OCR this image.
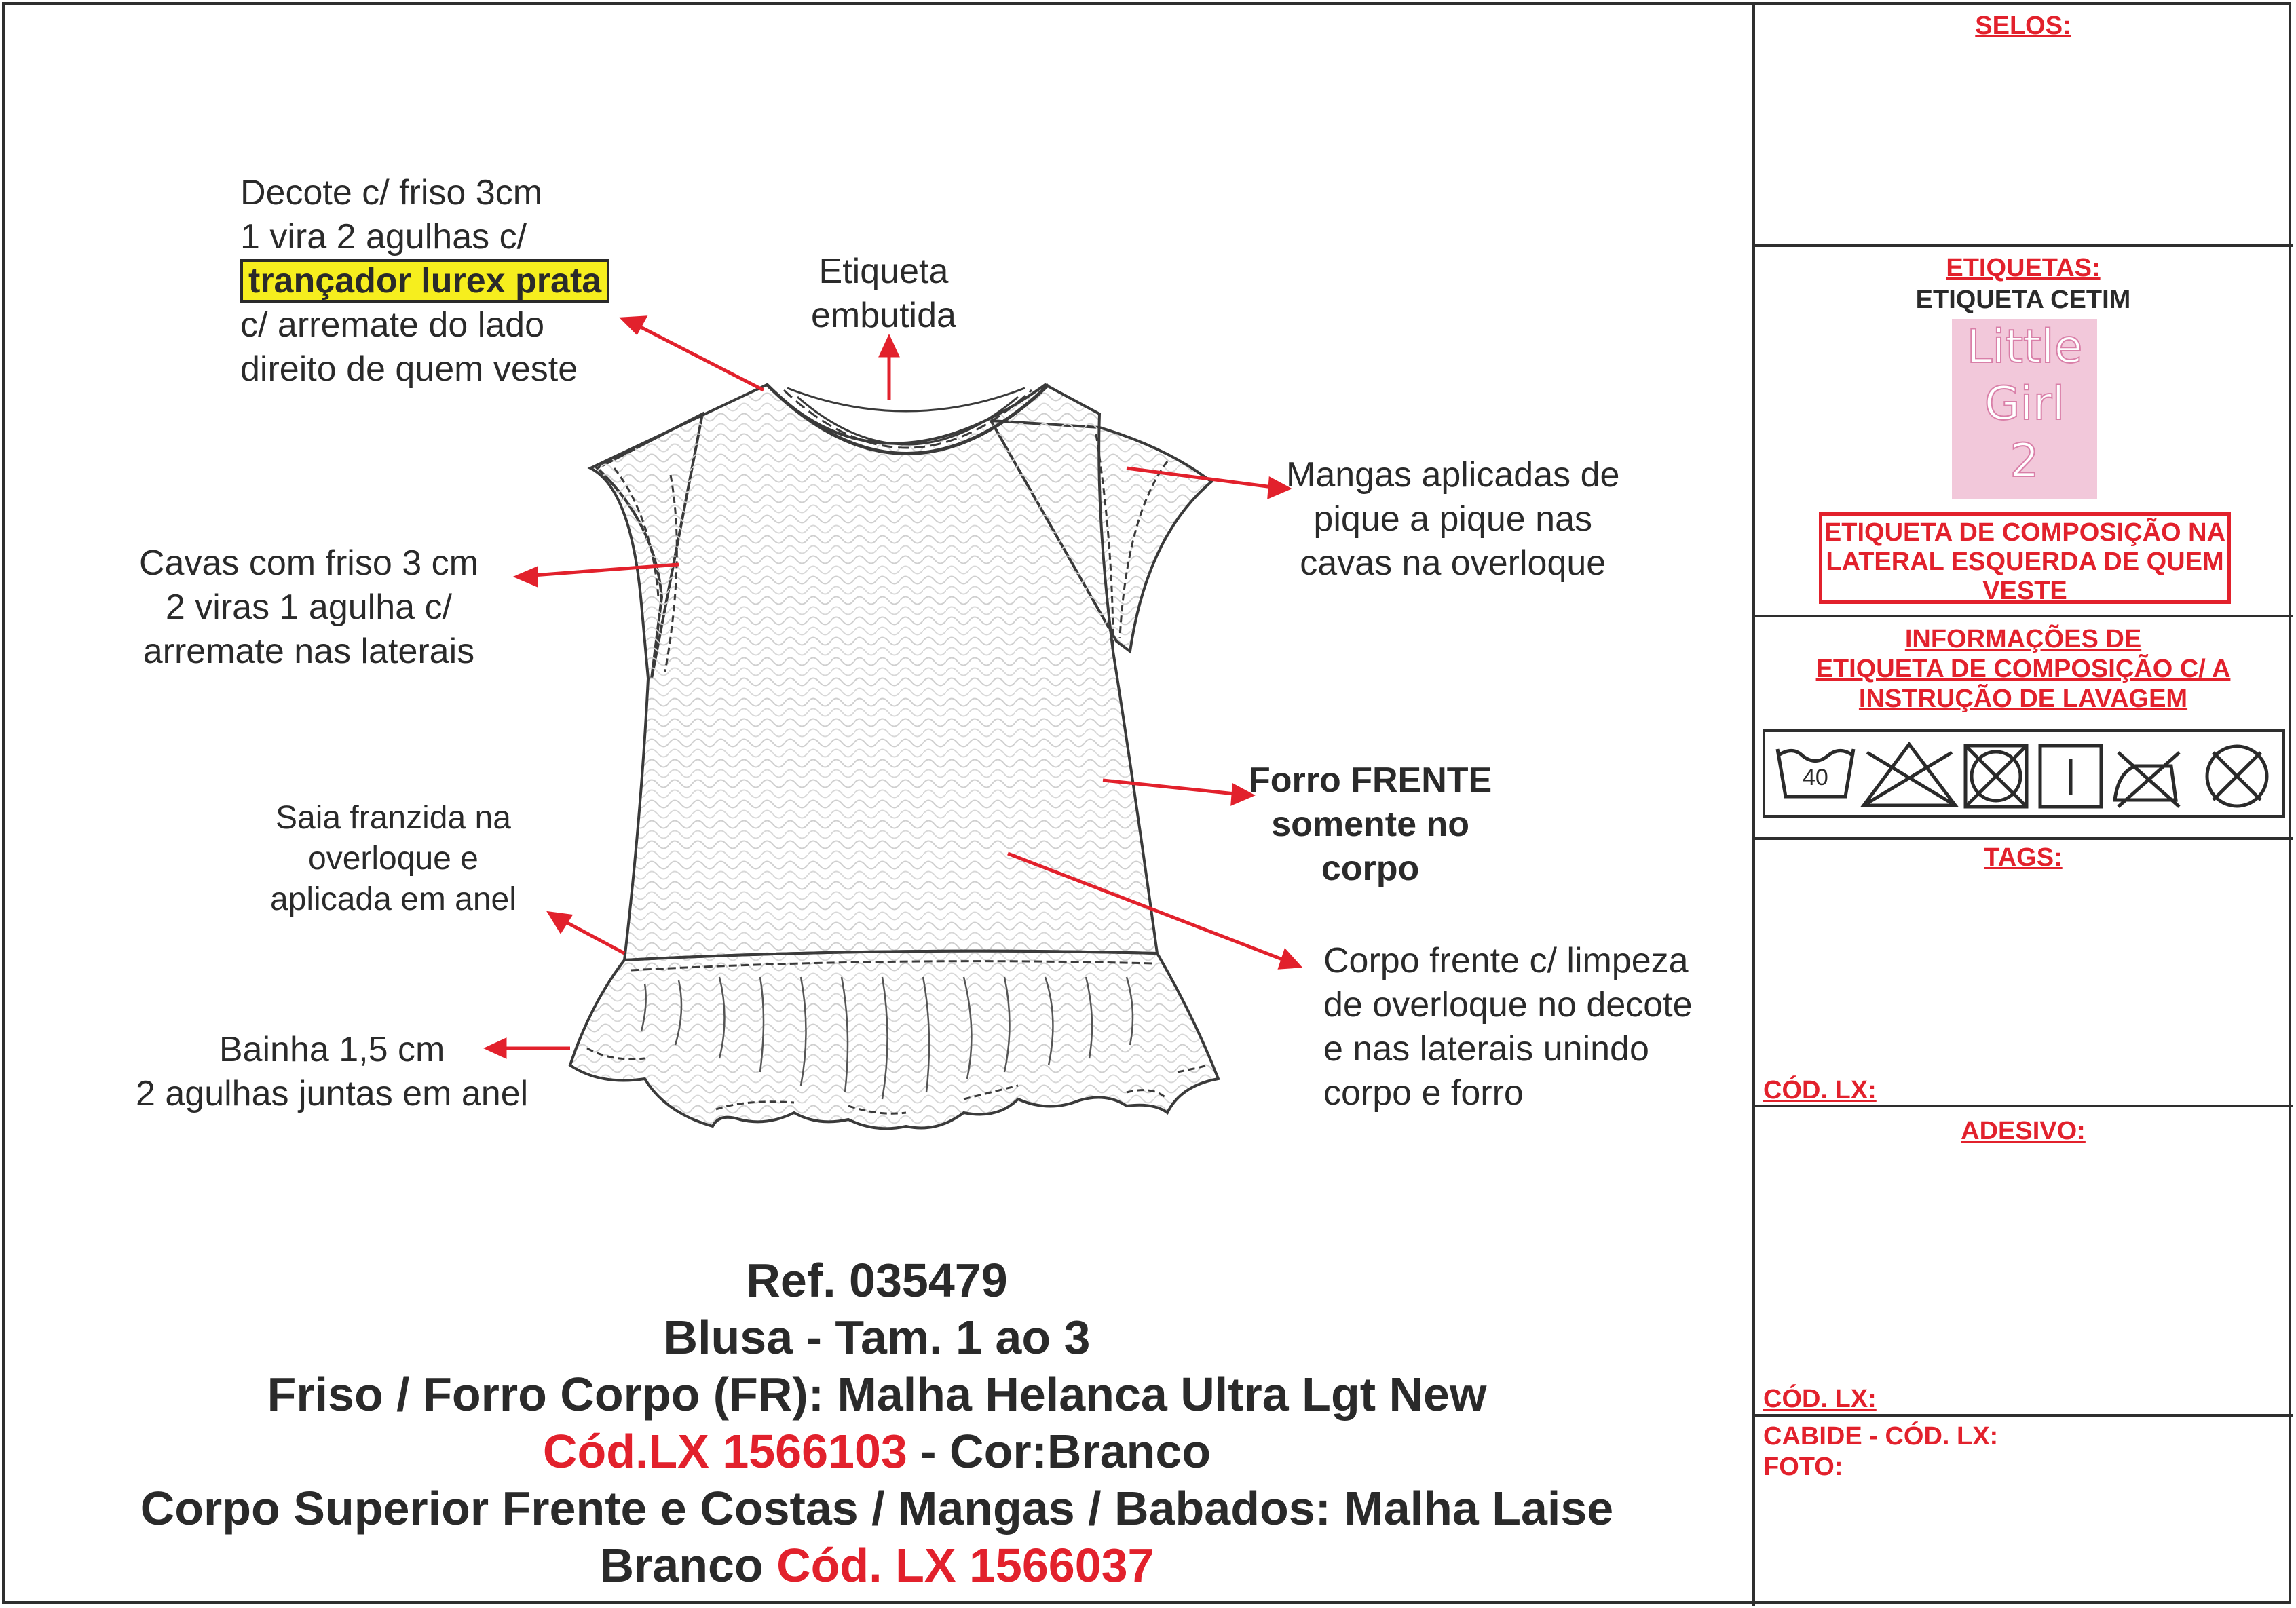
Decote c/ friso 3cm
1 vira 2 agulhas c/
trançador lurex prata
c/ arremate do lado
direito de quem veste
Etiqueta
embutida
Mangas aplicadas de
pique a pique nas
cavas na overloque
Cavas com friso 3 cm
2 viras 1 agulha c/
arremate nas laterais
Forro FRENTE
somente no
corpo
Saia franzida na
overloque e
aplicada em anel
Corpo frente c/ limpeza
de overloque no decote
e nas laterais unindo
corpo e forro
Bainha 1,5 cm
2 agulhas juntas em anel
Ref. 035479
Blusa - Tam. 1 ao 3
Friso / Forro Corpo (FR): Malha Helanca Ultra Lgt New
Cód.LX 1566103 - Cor:Branco
Corpo Superior Frente e Costas / Mangas / Babados: Malha Laise
Branco Cód. LX 1566037
SELOS:
ETIQUETAS:
ETIQUETA CETIM
Little
Girl
2
ETIQUETA DE COMPOSIÇÃO NA
LATERAL ESQUERDA DE QUEM
VESTE
INFORMAÇÕES DE
ETIQUETA DE COMPOSIÇÃO C/ A
INSTRUÇÃO DE LAVAGEM
40
TAGS:
CÓD. LX:
ADESIVO:
CÓD. LX:
CABIDE - CÓD. LX:
FOTO:
